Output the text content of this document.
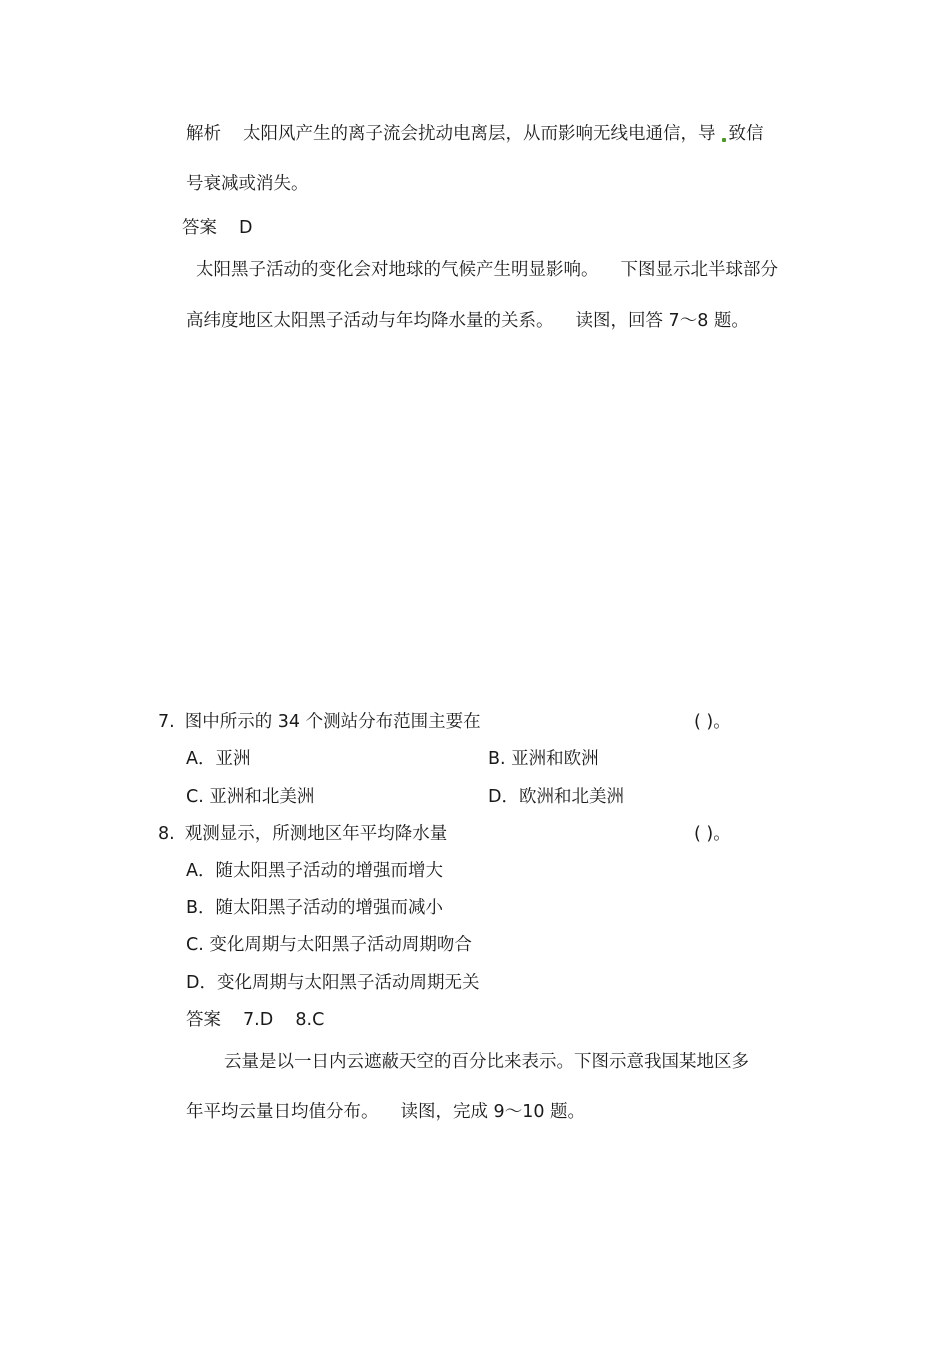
解析 太阳风产生的离子流会扰动电离层，从而影响无线电通信，导 致信
号衰减或消失。
答案 D
太阳黑子活动的变化会对地球的气候产生明显影响。 下图显示北半球部分
高纬度地区太阳黑子活动与年均降水量的关系。 读图，回答 7～8 题。
7. 图中所示的 34 个测站分布范围主要在	( )。
A．亚洲	B. 亚洲和欧洲
C. 亚洲和北美洲	D．欧洲和北美洲
8. 观测显示，所测地区年平均降水量	( )。
A．随太阳黑子活动的增强而增大
B．随太阳黑子活动的增强而减小
C. 变化周期与太阳黑子活动周期吻合
D．变化周期与太阳黑子活动周期无关
答案 7.D    8.C
云量是以一日内云遮蔽天空的百分比来表示。下图示意我国某地区多
年平均云量日均值分布。 读图，完成 9～10 题。
